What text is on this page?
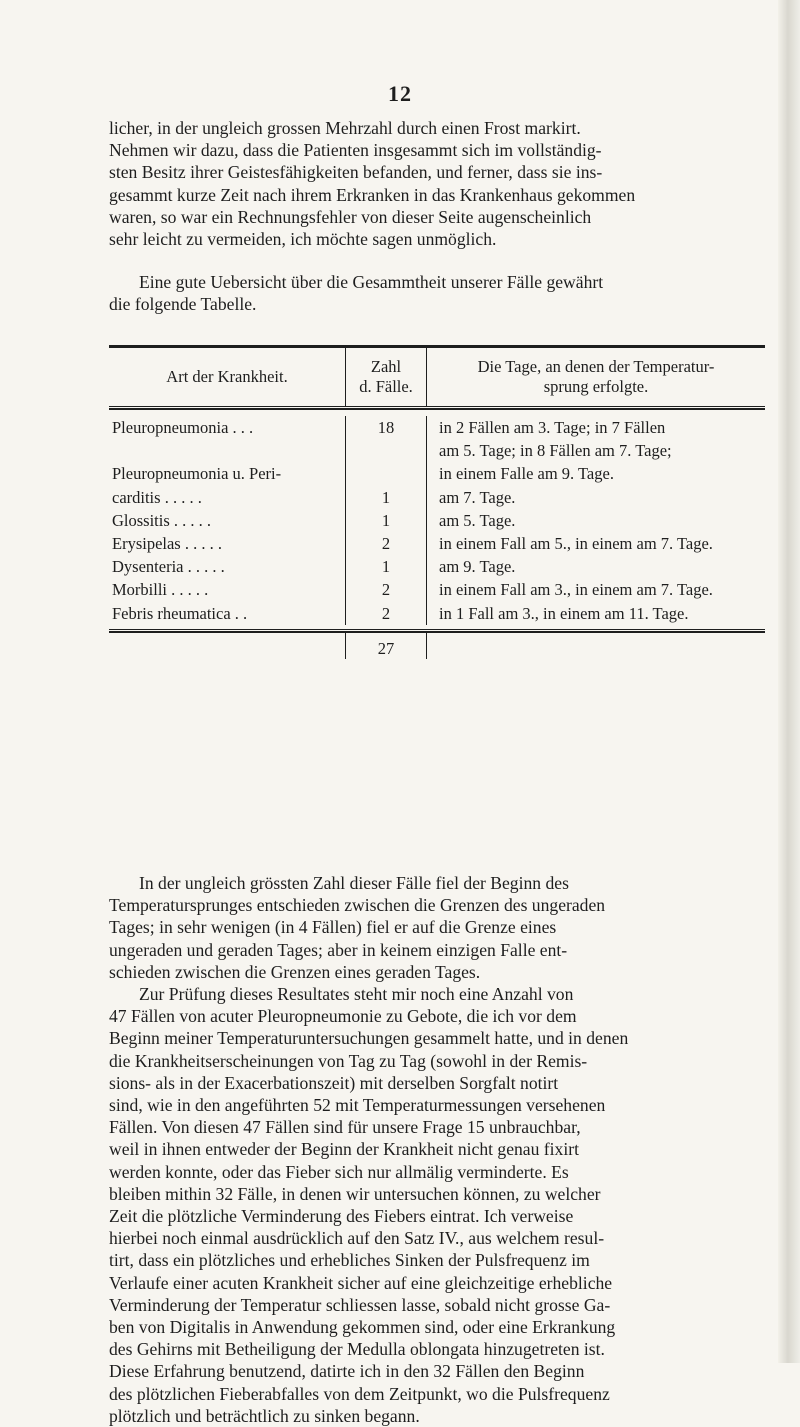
12

licher, in der ungleich grossen Mehrzahl durch einen Frost markirt.

Nehmen wir dazu, dass die Patienten insgesammt sich im vollständig-

sten Besitz ihrer Geistesfähigkeiten befanden, und ferner, dass sie ins-

gesammt kurze Zeit nach ihrem Erkranken in das Krankenhaus gekommen

waren, so war ein Rechnungsfehler von dieser Seite augenscheinlich

sehr leicht zu vermeiden, ich möchte sagen unmöglich.

Eine gute Uebersicht über die Gesammtheit unserer Fälle gewährt

die folgende Tabelle.

Art der Krankheit.
Zahl
d. Fälle.
Die Tage, an denen der Temperatur-
sprung erfolgte.
Pleuropneumonia . . .
Pleuropneumonia u. Peri-
carditis . . . . .
Glossitis . . . . .
Erysipelas . . . . .
Dysenteria . . . . .
Morbilli . . . . .
Febris rheumatica . .
18
1
1
2
1
2
2
in 2 Fällen am 3. Tage; in 7 Fällen
am 5. Tage; in 8 Fällen am 7. Tage;
in einem Falle am 9. Tage.
am 7. Tage.
am 5. Tage.
in einem Fall am 5., in einem am 7. Tage.
am 9. Tage.
in einem Fall am 3., in einem am 7. Tage.
in 1 Fall am 3., in einem am 11. Tage.
27

In der ungleich grössten Zahl dieser Fälle fiel der Beginn des

Temperatursprunges entschieden zwischen die Grenzen des ungeraden

Tages; in sehr wenigen (in 4 Fällen) fiel er auf die Grenze eines

ungeraden und geraden Tages; aber in keinem einzigen Falle ent-

schieden zwischen die Grenzen eines geraden Tages.

Zur Prüfung dieses Resultates steht mir noch eine Anzahl von

47 Fällen von acuter Pleuropneumonie zu Gebote, die ich vor dem

Beginn meiner Temperaturuntersuchungen gesammelt hatte, und in denen

die Krankheitserscheinungen von Tag zu Tag (sowohl in der Remis-

sions- als in der Exacerbationszeit) mit derselben Sorgfalt notirt

sind, wie in den angeführten 52 mit Temperaturmessungen versehenen

Fällen. Von diesen 47 Fällen sind für unsere Frage 15 unbrauchbar,

weil in ihnen entweder der Beginn der Krankheit nicht genau fixirt

werden konnte, oder das Fieber sich nur allmälig verminderte. Es

bleiben mithin 32 Fälle, in denen wir untersuchen können, zu welcher

Zeit die plötzliche Verminderung des Fiebers eintrat. Ich verweise

hierbei noch einmal ausdrücklich auf den Satz IV., aus welchem resul-

tirt, dass ein plötzliches und erhebliches Sinken der Pulsfrequenz im

Verlaufe einer acuten Krankheit sicher auf eine gleichzeitige erhebliche

Verminderung der Temperatur schliessen lasse, sobald nicht grosse Ga-

ben von Digitalis in Anwendung gekommen sind, oder eine Erkrankung

des Gehirns mit Betheiligung der Medulla oblongata hinzugetreten ist.

Diese Erfahrung benutzend, datirte ich in den 32 Fällen den Beginn

des plötzlichen Fieberabfalles von dem Zeitpunkt, wo die Pulsfrequenz

plötzlich und beträchtlich zu sinken begann.
